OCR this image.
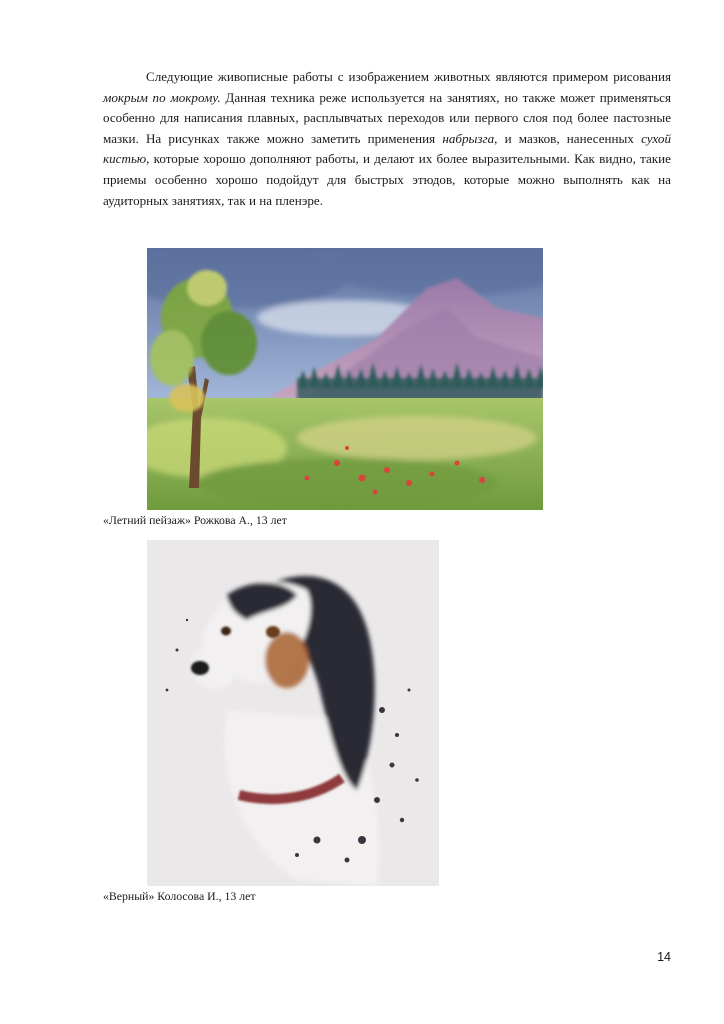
Следующие живописные работы с изображением животных являются примером рисования мокрым по мокрому. Данная техника реже используется на занятиях, но также может применяться особенно для написания плавных, расплывчатых переходов или первого слоя под более пастозные мазки. На рисунках также можно заметить применения набрызга, и мазков, нанесенных сухой кистью, которые хорошо дополняют работы, и делают их более выразительными. Как видно, такие приемы особенно хорошо подойдут для быстрых этюдов, которые можно выполнять как на аудиторных занятиях, так и на пленэре.

«Летний пейзаж» Рожкова А., 13 лет

«Верный» Колосова И., 13 лет

14
